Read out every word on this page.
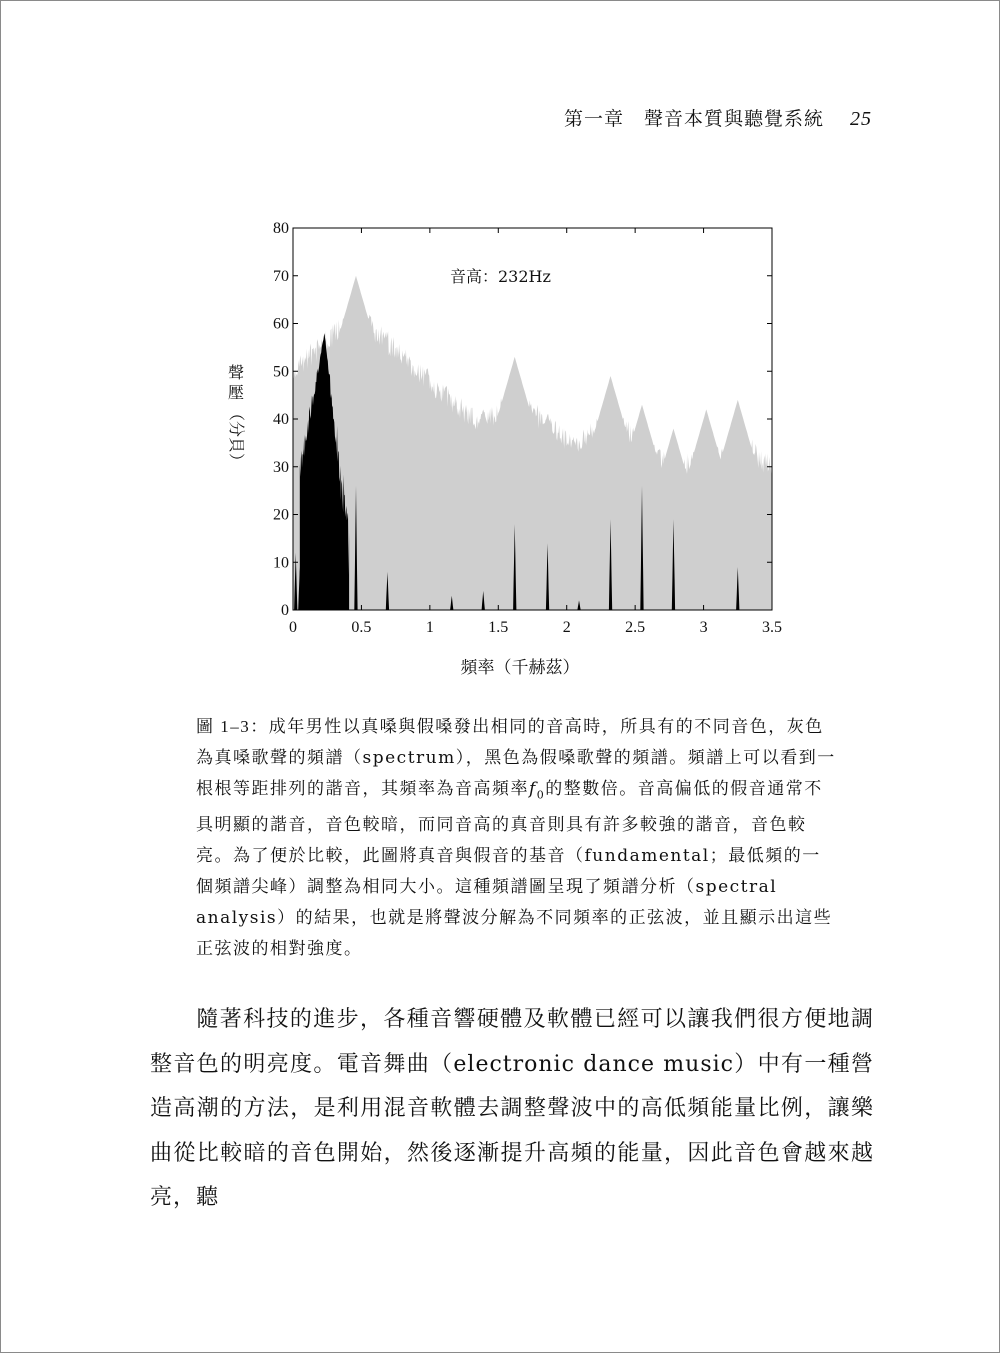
第一章　聲音本質與聽覺系統 25
0
10
20
30
40
50
60
70
80
0	0.5	1	1.5	2	2.5	3	3.5
音高：232Hz
聲
壓
（分貝）
頻率（千赫茲）
圖 1–3：成年男性以真嗓與假嗓發出相同的音高時，所具有的不同音色，灰色為真嗓歌聲的頻譜（spectrum），黑色為假嗓歌聲的頻譜。頻譜上可以看到一根根等距排列的諧音，其頻率為音高頻率$f_0$的整數倍。音高偏低的假音通常不具明顯的諧音，音色較暗，而同音高的真音則具有許多較強的諧音，音色較亮。為了便於比較，此圖將真音與假音的基音（fundamental；最低頻的一個頻譜尖峰）調整為相同大小。這種頻譜圖呈現了頻譜分析（spectral analysis）的結果，也就是將聲波分解為不同頻率的正弦波，並且顯示出這些正弦波的相對強度。
隨著科技的進步，各種音響硬體及軟體已經可以讓我們很方便地調整音色的明亮度。電音舞曲（electronic dance music）中有一種營造高潮的方法，是利用混音軟體去調整聲波中的高低頻能量比例，讓樂曲從比較暗的音色開始，然後逐漸提升高頻的能量，因此音色會越來越亮，聽
